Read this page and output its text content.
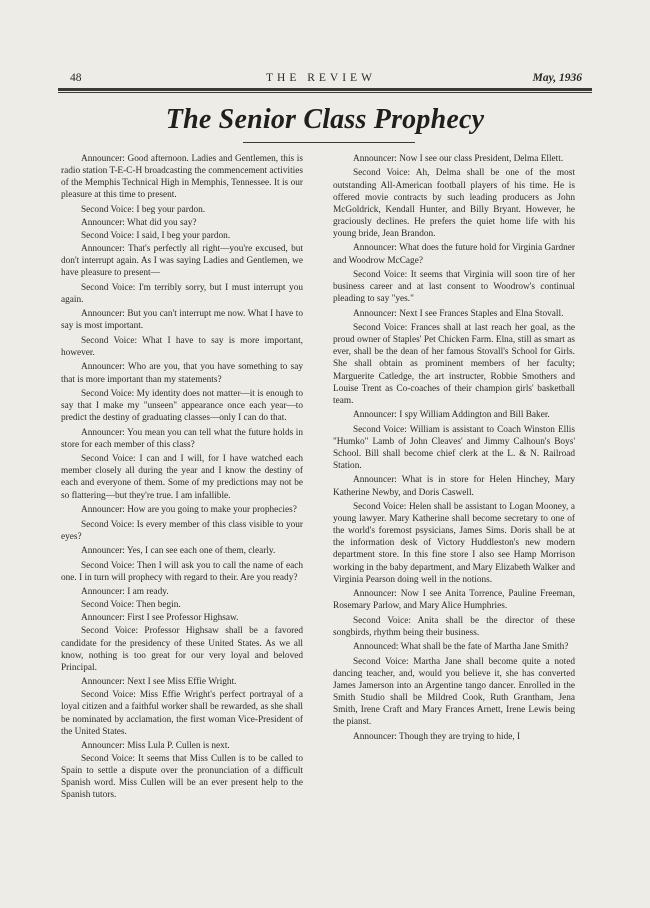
48	THE REVIEW	May, 1936
The Senior Class Prophecy

Announcer: Good afternoon. Ladies and Gentlemen, this is radio station T-E-C-H broadcasting the commencement activities of the Memphis Technical High in Memphis, Tennessee. It is our pleasure at this time to present.

Second Voice: I beg your pardon.

Announcer: What did you say?

Second Voice: I said, I beg your pardon.

Announcer: That's perfectly all right—you're excused, but don't interrupt again. As I was saying Ladies and Gentlemen, we have pleasure to present—

Second Voice: I'm terribly sorry, but I must interrupt you again.

Announcer: But you can't interrupt me now. What I have to say is most important.

Second Voice: What I have to say is more important, however.

Announcer: Who are you, that you have something to say that is more important than my statements?

Second Voice: My identity does not matter—it is enough to say that I make my "unseen" appearance once each year—to predict the destiny of graduating classes—only I can do that.

Announcer: You mean you can tell what the future holds in store for each member of this class?

Second Voice: I can and I will, for I have watched each member closely all during the year and I know the destiny of each and everyone of them. Some of my predictions may not be so flattering—but they're true. I am infallible.

Announcer: How are you going to make your prophecies?

Second Voice: Is every member of this class visible to your eyes?

Announcer: Yes, I can see each one of them, clearly.

Second Voice: Then I will ask you to call the name of each one. I in turn will prophecy with regard to their. Are you ready?

Announcer: I am ready.

Second Voice: Then begin.

Announcer: First I see Professor Highsaw.

Second Voice: Professor Highsaw shall be a favored candidate for the presidency of these United States. As we all know, nothing is too great for our very loyal and beloved Principal.

Announcer: Next I see Miss Effie Wright.

Second Voice: Miss Effie Wright's perfect portrayal of a loyal citizen and a faithful worker shall be rewarded, as she shall be nominated by acclamation, the first woman Vice-President of the United States.

Announcer: Miss Lula P. Cullen is next.

Second Voice: It seems that Miss Cullen is to be called to Spain to settle a dispute over the pronunciation of a difficult Spanish word. Miss Cullen will be an ever present help to the Spanish tutors.

Announcer: Now I see our class President, Delma Ellett.

Second Voice: Ah, Delma shall be one of the most outstanding All-American football players of his time. He is offered movie contracts by such leading producers as John McGoldrick, Kendall Hunter, and Billy Bryant. However, he graciously declines. He prefers the quiet home life with his young bride, Jean Brandon.

Announcer: What does the future hold for Virginia Gardner and Woodrow McCage?

Second Voice: It seems that Virginia will soon tire of her business career and at last consent to Woodrow's continual pleading to say "yes."

Announcer: Next I see Frances Staples and Elna Stovall.

Second Voice: Frances shall at last reach her goal, as the proud owner of Staples' Pet Chicken Farm. Elna, still as smart as ever, shall be the dean of her famous Stovall's School for Girls. She shall obtain as prominent members of her faculty; Marguerite Catledge, the art instructer, Robbie Smothers and Louise Trent as Co-coaches of their champion girls' basketball team.

Announcer: I spy William Addington and Bill Baker.

Second Voice: William is assistant to Coach Winston Ellis "Humko" Lamb of John Cleaves' and Jimmy Calhoun's Boys' School. Bill shall become chief clerk at the L. & N. Railroad Station.

Announcer: What is in store for Helen Hinchey, Mary Katherine Newby, and Doris Caswell.

Second Voice: Helen shall be assistant to Logan Mooney, a young lawyer. Mary Katherine shall become secretary to one of the world's foremost psysicians, James Sims. Doris shall be at the information desk of Victory Huddleston's new modern department store. In this fine store I also see Hamp Morrison working in the baby department, and Mary Elizabeth Walker and Virginia Pearson doing well in the notions.

Announcer: Now I see Anita Torrence, Pauline Freeman, Rosemary Parlow, and Mary Alice Humphries.

Second Voice: Anita shall be the director of these songbirds, rhythm being their business.

Announced: What shall be the fate of Martha Jane Smith?

Second Voice: Martha Jane shall become quite a noted dancing teacher, and, would you believe it, she has converted James Jamerson into an Argentine tango dancer. Enrolled in the Smith Studio shall be Mildred Cook, Ruth Grantham, Jena Smith, Irene Craft and Mary Frances Arnett, Irene Lewis being the pianst.

Announcer: Though they are trying to hide, I
